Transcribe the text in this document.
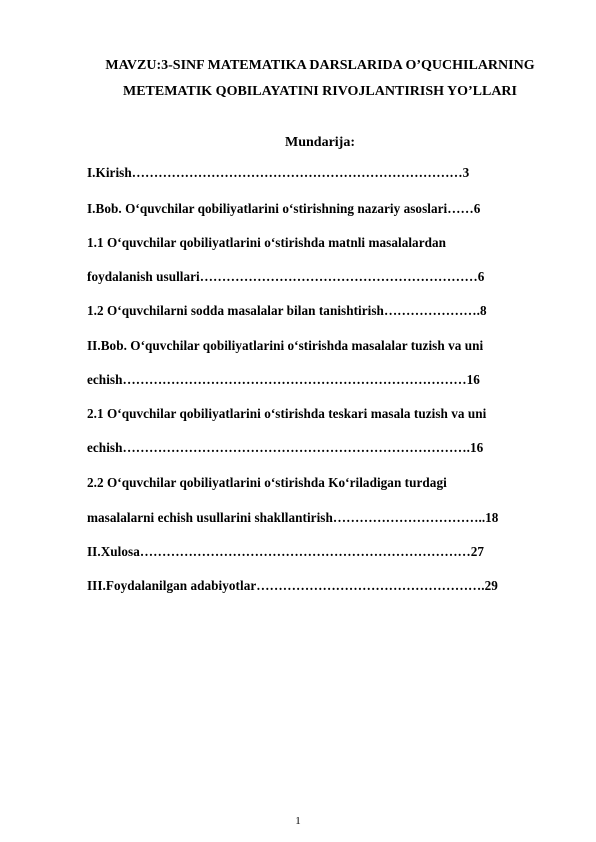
MAVZU:3-SINF MATEMATIKA DARSLARIDA O’QUCHILARNING
METEMATIK QOBILAYATINI RIVOJLANTIRISH YO’LLARI
Mundarija:
I.Kirish…………………………………………………………………3
I.Bob. O‘quvchilar qobiliyatlarini o‘stirishning nazariy asoslari……6
1.1 O‘quvchilar qobiliyatlarini o‘stirishda matnli masalalardan
foydalanish usullari………………………………………………………6
1.2 O‘quvchilarni sodda masalalar bilan tanishtirish………………….8
II.Bob. O‘quvchilar qobiliyatlarini o‘stirishda masalalar tuzish va uni
echish……………………………………………………………………16
2.1 O‘quvchilar qobiliyatlarini o‘stirishda teskari masala tuzish va uni
echish…………………………………………………………………….16
2.2 O‘quvchilar qobiliyatlarini o‘stirishda Ko‘riladigan turdagi
masalalarni echish usullarini shakllantirish……………………………..18
II.Xulosa…………………………………………………………………27
III.Foydalanilgan adabiyotlar…………………………………………….29
1
